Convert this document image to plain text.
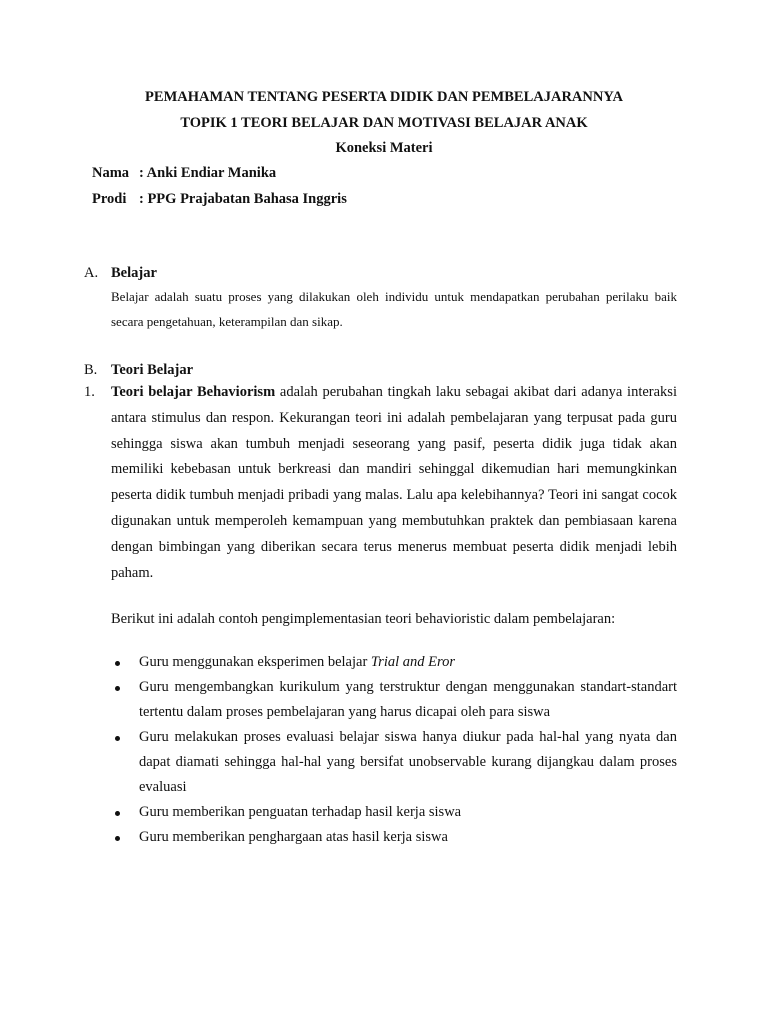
PEMAHAMAN TENTANG PESERTA DIDIK DAN PEMBELAJARANNYA
TOPIK 1 TEORI BELAJAR DAN MOTIVASI BELAJAR ANAK
Koneksi Materi
Nama : Anki Endiar Manika
Prodi : PPG Prajabatan Bahasa Inggris
A. Belajar
Belajar adalah suatu proses yang dilakukan oleh individu untuk mendapatkan perubahan perilaku baik secara pengetahuan, keterampilan dan sikap.
B. Teori Belajar
1. Teori belajar Behaviorism adalah perubahan tingkah laku sebagai akibat dari adanya interaksi antara stimulus dan respon. Kekurangan teori ini adalah pembelajaran yang terpusat pada guru sehingga siswa akan tumbuh menjadi seseorang yang pasif, peserta didik juga tidak akan memiliki kebebasan untuk berkreasi dan mandiri sehinggal dikemudian hari memungkinkan peserta didik tumbuh menjadi pribadi yang malas. Lalu apa kelebihannya? Teori ini sangat cocok digunakan untuk memperoleh kemampuan yang membutuhkan praktek dan pembiasaan karena dengan bimbingan yang diberikan secara terus menerus membuat peserta didik menjadi lebih paham.
Berikut ini adalah contoh pengimplementasian teori behavioristic dalam pembelajaran:
Guru menggunakan eksperimen belajar Trial and Eror
Guru mengembangkan kurikulum yang terstruktur dengan menggunakan standart-standart tertentu dalam proses pembelajaran yang harus dicapai oleh para siswa
Guru melakukan proses evaluasi belajar siswa hanya diukur pada hal-hal yang nyata dan dapat diamati sehingga hal-hal yang bersifat unobservable kurang dijangkau dalam proses evaluasi
Guru memberikan penguatan terhadap hasil kerja siswa
Guru memberikan penghargaan atas hasil kerja siswa
